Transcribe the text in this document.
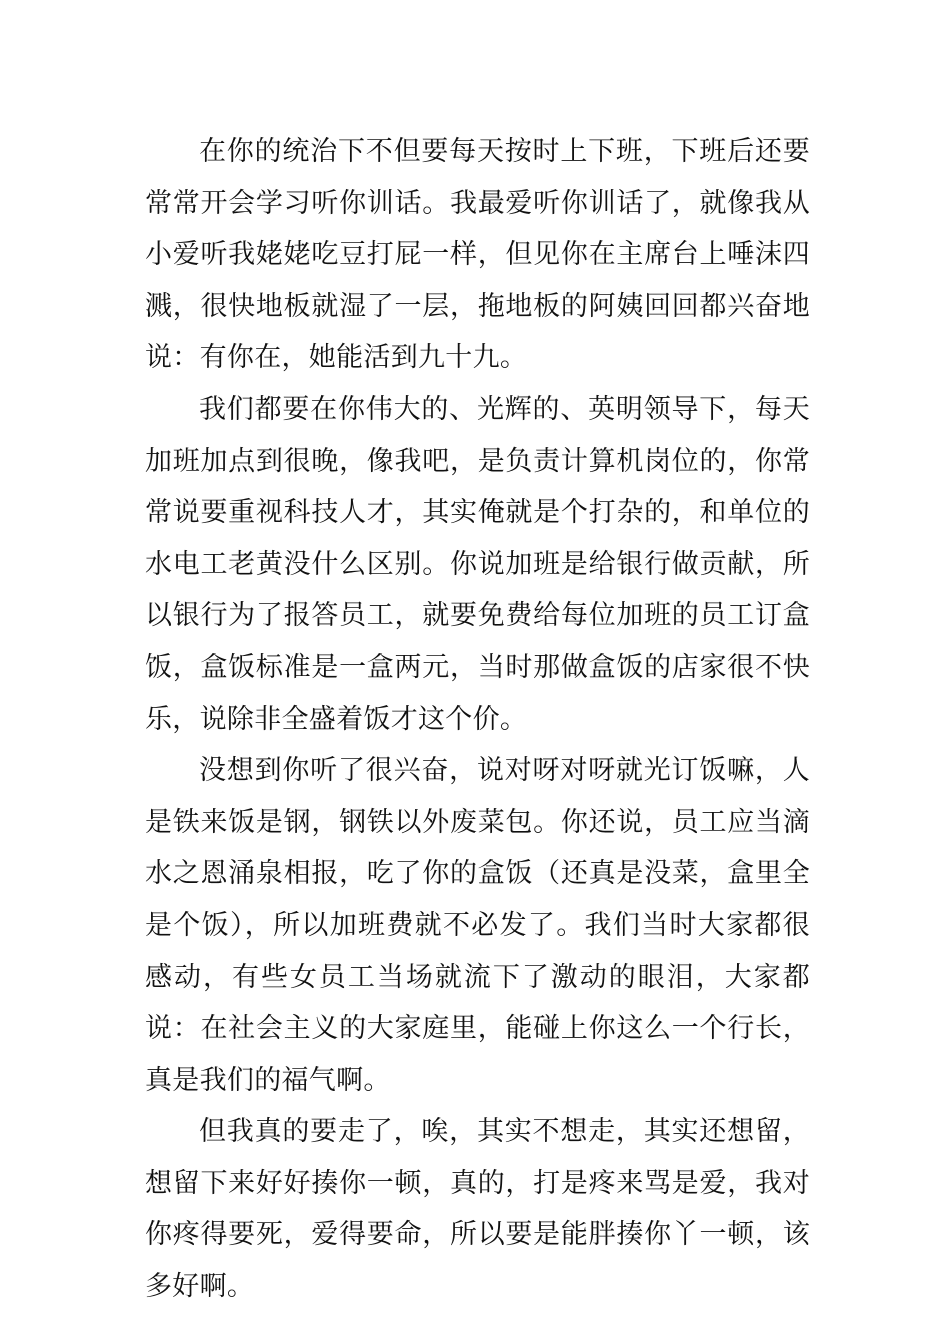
在你的统治下不但要每天按时上下班，下班后还要常常开会学习听你训话。我最爱听你训话了，就像我从小爱听我姥姥吃豆打屁一样，但见你在主席台上唾沫四溅，很快地板就湿了一层，拖地板的阿姨回回都兴奋地说：有你在，她能活到九十九。

我们都要在你伟大的、光辉的、英明领导下，每天加班加点到很晚，像我吧，是负责计算机岗位的，你常常说要重视科技人才，其实俺就是个打杂的，和单位的水电工老黄没什么区别。你说加班是给银行做贡献，所以银行为了报答员工，就要免费给每位加班的员工订盒饭，盒饭标准是一盒两元，当时那做盒饭的店家很不快乐，说除非全盛着饭才这个价。

没想到你听了很兴奋，说对呀对呀就光订饭嘛，人是铁来饭是钢，钢铁以外废菜包。你还说，员工应当滴水之恩涌泉相报，吃了你的盒饭（还真是没菜，盒里全是个饭），所以加班费就不必发了。我们当时大家都很感动，有些女员工当场就流下了激动的眼泪，大家都说：在社会主义的大家庭里，能碰上你这么一个行长，真是我们的福气啊。

但我真的要走了，唉，其实不想走，其实还想留，想留下来好好揍你一顿，真的，打是疼来骂是爱，我对你疼得要死，爱得要命，所以要是能胖揍你丫一顿，该多好啊。
